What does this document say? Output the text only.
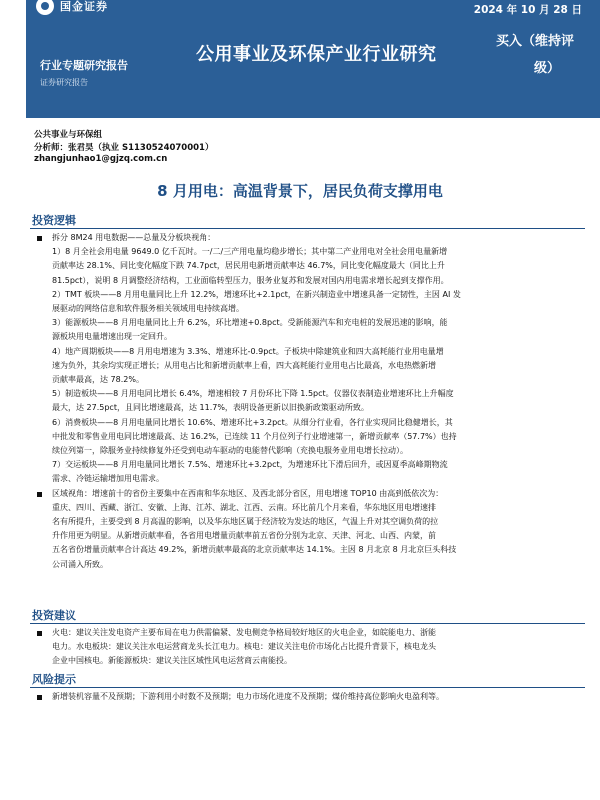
国金证券	2024 年 10 月 28 日
公用事业及环保产业行业研究
买入（维持评
级）
行业专题研究报告
证券研究报告
公共事业与环保组
分析师：张君昊（执业 S1130524070001）
zhangjunhao1@gjzq.com.cn
8 月用电：高温背景下，居民负荷支撑用电
投资逻辑
拆分 8M24 用电数据——总量及分板块视角：
1）8 月全社会用电量 9649.0 亿千瓦时。一/二/三产用电量均稳步增长；其中第二产业用电对全社会用电量新增
贡献率达 28.1%、同比变化幅度下跌 74.7pct，居民用电新增贡献率达 46.7%，同比变化幅度最大（同比上升
81.5pct），说明 8 月调整经济结构，工业面临转型压力，服务业复苏和发展对国内用电需求增长起到支撑作用。
2）TMT 板块——8 月用电量同比上升 12.2%，增速环比+2.1pct，在新兴制造业中增速具备一定韧性，主因 AI 发
展驱动的网络信息和软件服务相关领域用电持续高增。
3）能源板块——8 月用电量同比上升 6.2%，环比增速+0.8pct。受新能源汽车和充电桩的发展迅速的影响，能
源板块用电量增速出现一定回升。
4）地产周期板块——8 月用电增速为 3.3%、增速环比-0.9pct。子板块中除建筑业和四大高耗能行业用电量增
速为负外，其余均实现正增长；从用电占比和新增贡献率上看，四大高耗能行业用电占比最高，水电热燃新增
贡献率最高，达 78.2%。
5）制造板块——8 月用电同比增长 6.4%，增速相较 7 月份环比下降 1.5pct。仪器仪表制造业增速环比上升幅度
最大，达 27.5pct，且同比增速最高，达 11.7%，表明设备更新以旧换新政策驱动所致。
6）消费板块——8 月用电量同比增长 10.6%、增速环比+3.2pct。从细分行业看，各行业实现同比稳健增长，其
中批发和零售业用电同比增速最高、达 16.2%，已连续 11 个月位列子行业增速第一，新增贡献率（57.7%）也持
续位列第一，除服务业持续修复外还受到电动车驱动的电能替代影响（充换电服务业用电增长拉动）。
7）交运板块——8 月用电量同比增长 7.5%、增速环比+3.2pct，为增速环比下滑后回升，或因夏季高峰期物流
需求、冷链运输增加用电需求。
区域视角：增速前十的省份主要集中在西南和华东地区、及西北部分省区，用电增速 TOP10 由高到低依次为：
重庆、四川、西藏、浙江、安徽、上海、江苏、湖北、江西、云南。环比前几个月来看，华东地区用电增速排
名有所提升，主要受到 8 月高温的影响，以及华东地区属于经济较为发达的地区，气温上升对其空调负荷的拉
升作用更为明显。从新增贡献率看，各省用电增量贡献率前五省份分别为北京、天津、河北、山西、内蒙，前
五名省份增量贡献率合计高达 49.2%，新增贡献率最高的北京贡献率达 14.1%。主因 8 月北京 8 月北京巨头科技
公司涌入所致。
投资建议
火电：建议关注发电资产主要布局在电力供需偏紧、发电侧竞争格局较好地区的火电企业，如皖能电力、浙能
电力。水电板块：建议关注水电运营商龙头长江电力。核电：建议关注电价市场化占比提升背景下，核电龙头
企业中国核电。新能源板块：建议关注区域性风电运营商云南能投。
风险提示
新增装机容量不及预期；下游利用小时数不及预期；电力市场化进度不及预期；煤价维持高位影响火电盈利等。
